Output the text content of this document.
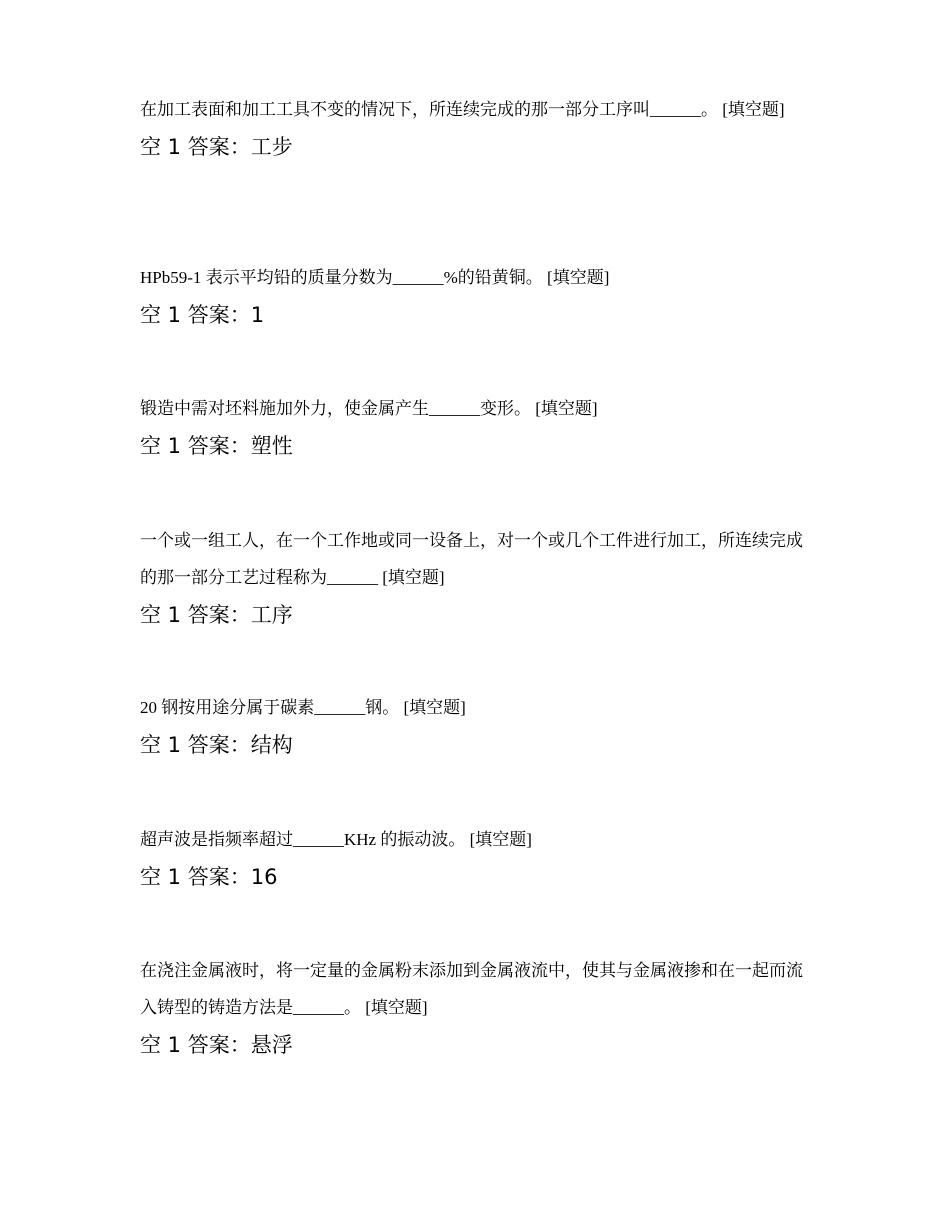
在加工表面和加工工具不变的情况下，所连续完成的那一部分工序叫______。 [填空题]

空 1 答案：工步

HPb59-1 表示平均铅的质量分数为______%的铅黄铜。 [填空题]

空 1 答案：1

锻造中需对坯料施加外力，使金属产生______变形。 [填空题]

空 1 答案：塑性

一个或一组工人，在一个工作地或同一设备上，对一个或几个工件进行加工，所连续完成的那一部分工艺过程称为______ [填空题]

空 1 答案：工序

20 钢按用途分属于碳素______钢。 [填空题]

空 1 答案：结构

超声波是指频率超过______KHz 的振动波。 [填空题]

空 1 答案：16

在浇注金属液时，将一定量的金属粉末添加到金属液流中，使其与金属液掺和在一起而流入铸型的铸造方法是______。 [填空题]

空 1 答案：悬浮
